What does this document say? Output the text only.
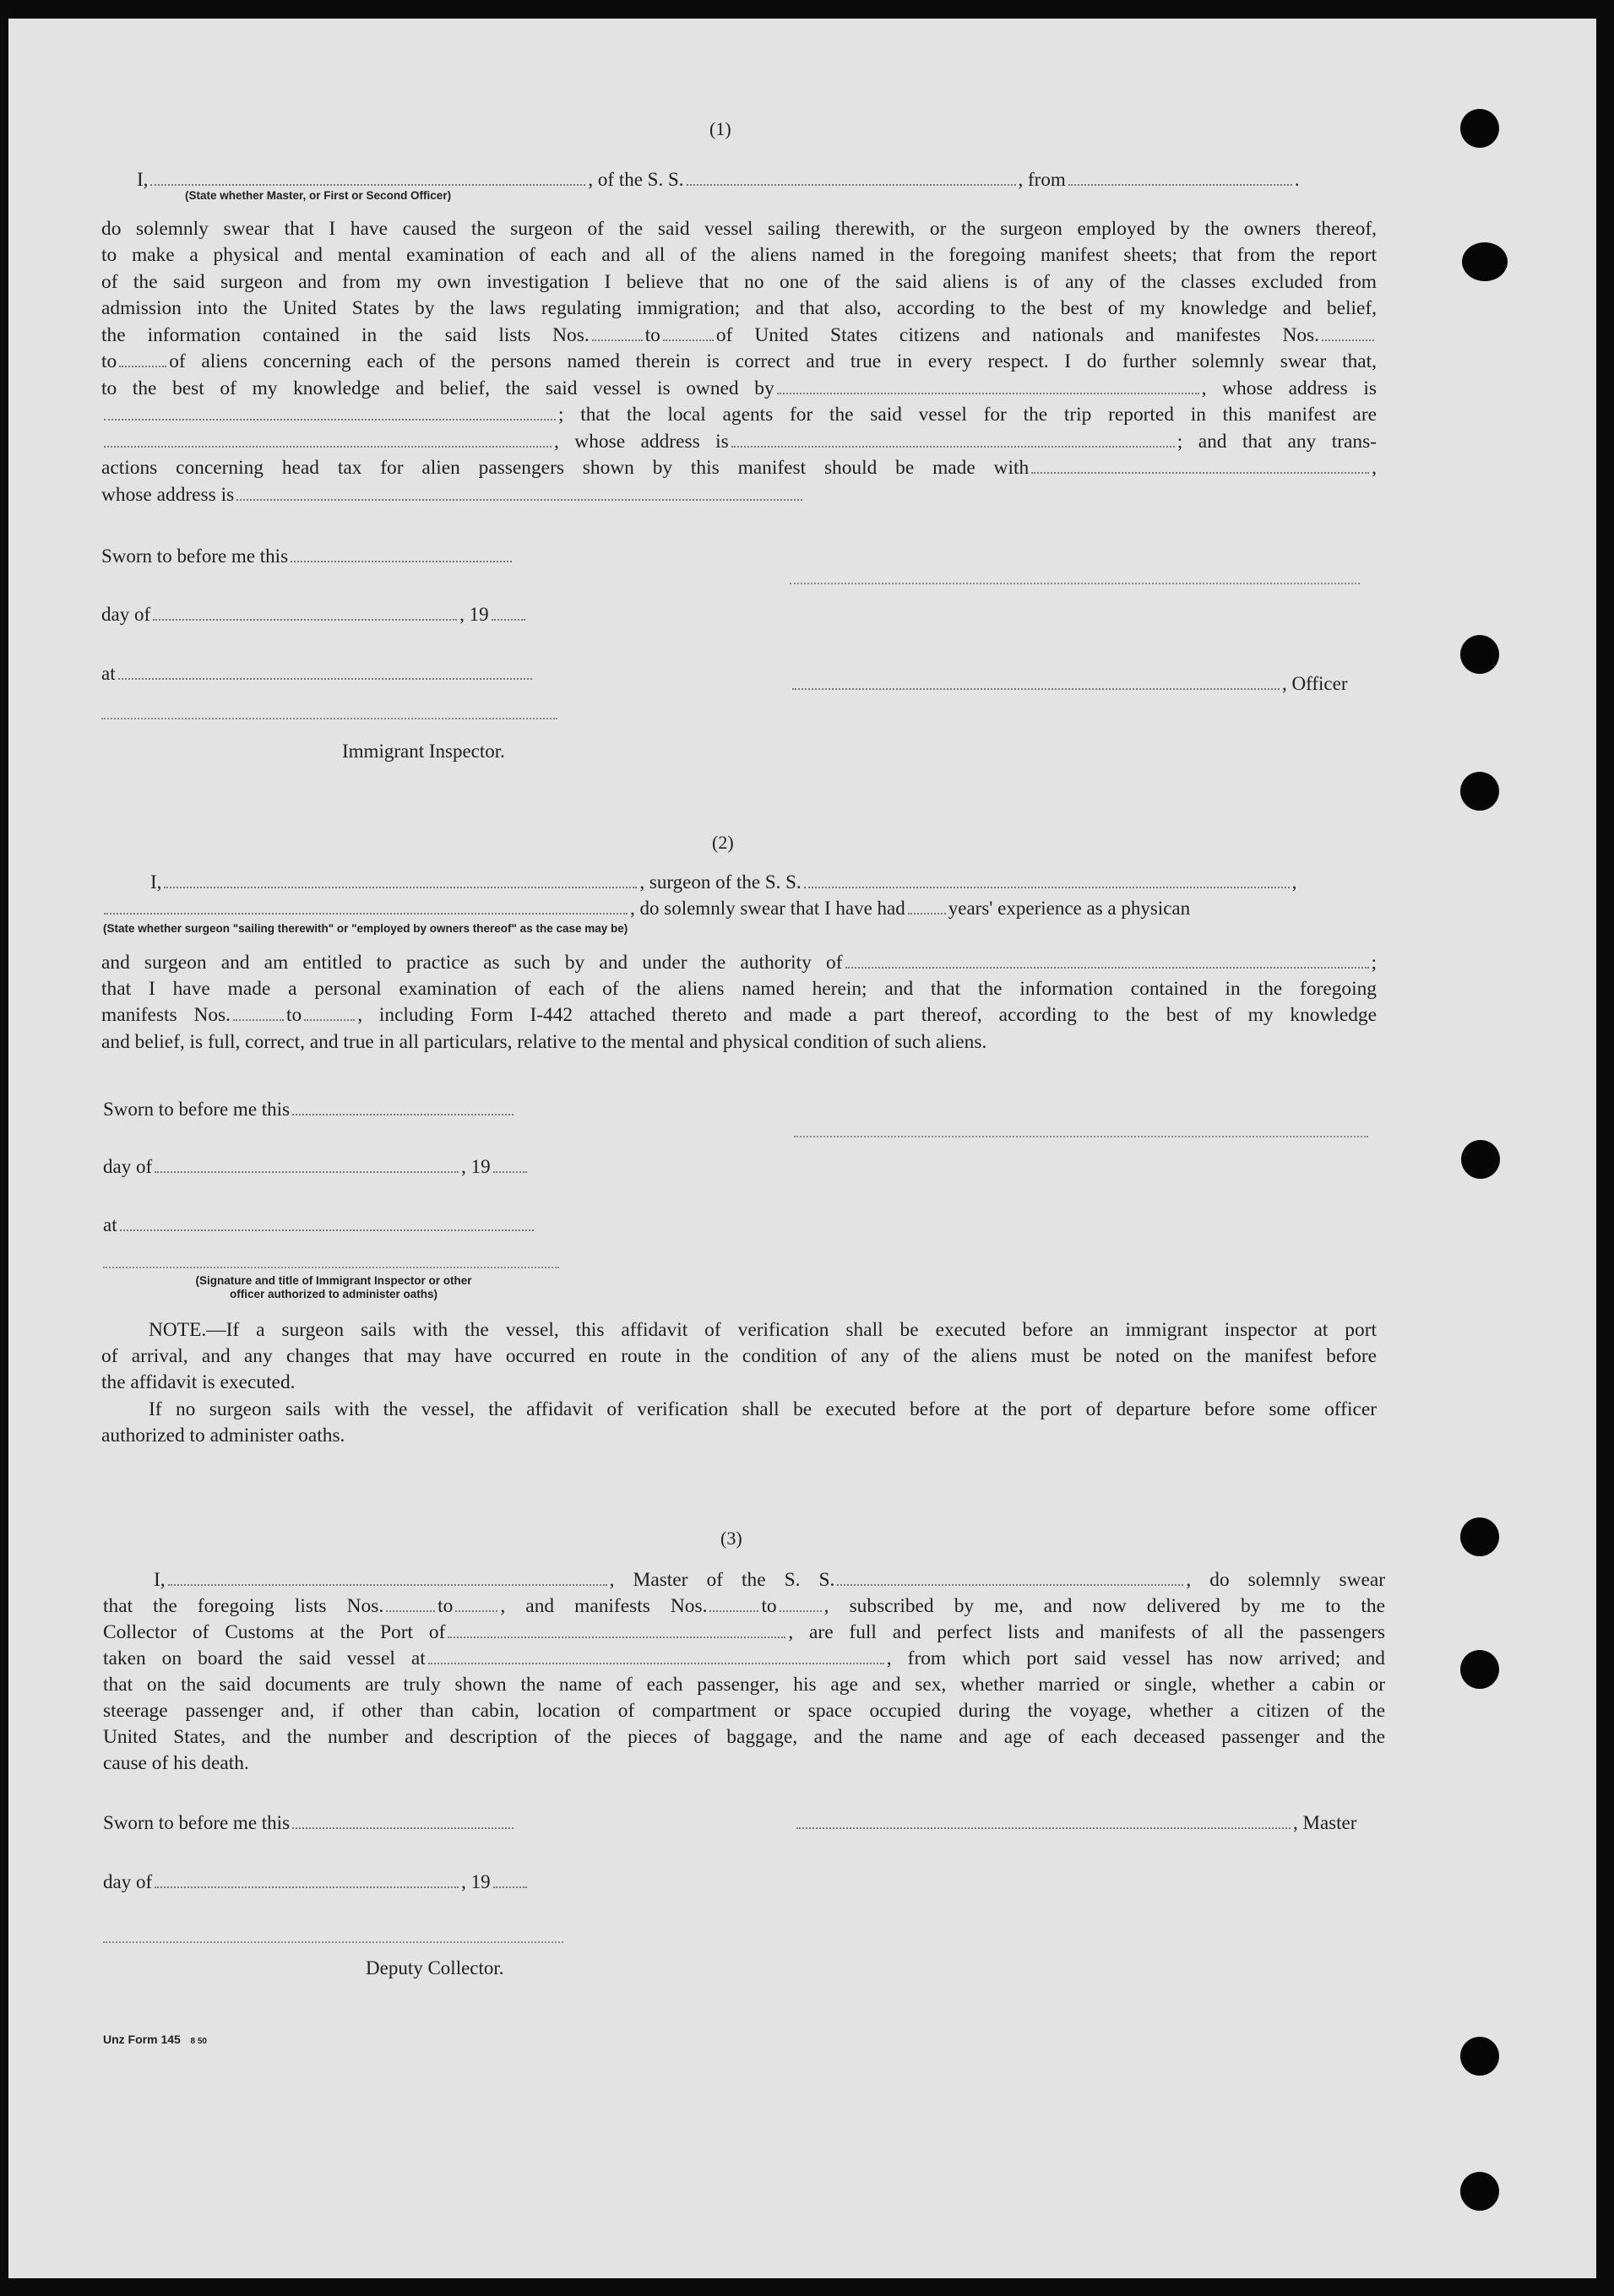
(1)
I,	, of the S. S.	, from	.
(State whether Master, or First or Second Officer)
do solemnly swear that I have caused the surgeon of the said vessel sailing therewith, or the surgeon employed by the owners thereof,
to make a physical and mental examination of each and all of the aliens named in the foregoing manifest sheets; that from the report
of the said surgeon and from my own investigation I believe that no one of the said aliens is of any of the classes excluded from
admission into the United States by the laws regulating immigration; and that also, according to the best of my knowledge and belief,
the information contained in the said lists Nos.	to	of United States citizens and nationals and manifestes Nos.
to	of aliens concerning each of the persons named therein is correct and true in every respect. I do further solemnly swear that,
to the best of my knowledge and belief, the said vessel is owned by	, whose address is
; that the local agents for the said vessel for the trip reported in this manifest are
, whose address is	; and that any trans-
actions concerning head tax for alien passengers shown by this manifest should be made with	,
whose address is
Sworn to before me this
day of	, 19
at	, Officer
Immigrant Inspector.
(2)
I,	, surgeon of the S. S.	,
, do solemnly swear that I have had years' experience as a physican
(State whether surgeon "sailing therewith" or "employed by owners thereof" as the case may be)
and surgeon and am entitled to practice as such by and under the authority of	;
that I have made a personal examination of each of the aliens named herein; and that the information contained in the foregoing
manifests Nos.	to	, including Form I-442 attached thereto and made a part thereof, according to the best of my knowledge
and belief, is full, correct, and true in all particulars, relative to the mental and physical condition of such aliens.
Sworn to before me this
day of	, 19
at
(Signature and title of Immigrant Inspector or other
officer authorized to administer oaths)
NOTE.—If a surgeon sails with the vessel, this affidavit of verification shall be executed before an immigrant inspector at port
of arrival, and any changes that may have occurred en route in the condition of any of the aliens must be noted on the manifest before
the affidavit is executed.
If no surgeon sails with the vessel, the affidavit of verification shall be executed before at the port of departure before some officer
authorized to administer oaths.
(3)
I,	, Master of the S. S.	, do solemnly swear
that the foregoing lists Nos.	to , and manifests Nos.	to , subscribed by me, and now delivered by me to the
Collector of Customs at the Port of	, are full and perfect lists and manifests of all the passengers
taken on board the said vessel at	, from which port said vessel has now arrived; and
that on the said documents are truly shown the name of each passenger, his age and sex, whether married or single, whether a cabin or
steerage passenger and, if other than cabin, location of compartment or space occupied during the voyage, whether a citizen of the
United States, and the number and description of the pieces of baggage, and the name and age of each deceased passenger and the
cause of his death.
Sworn to before me this	, Master
day of	, 19
Deputy Collector.
Unz Form 145 8 50
